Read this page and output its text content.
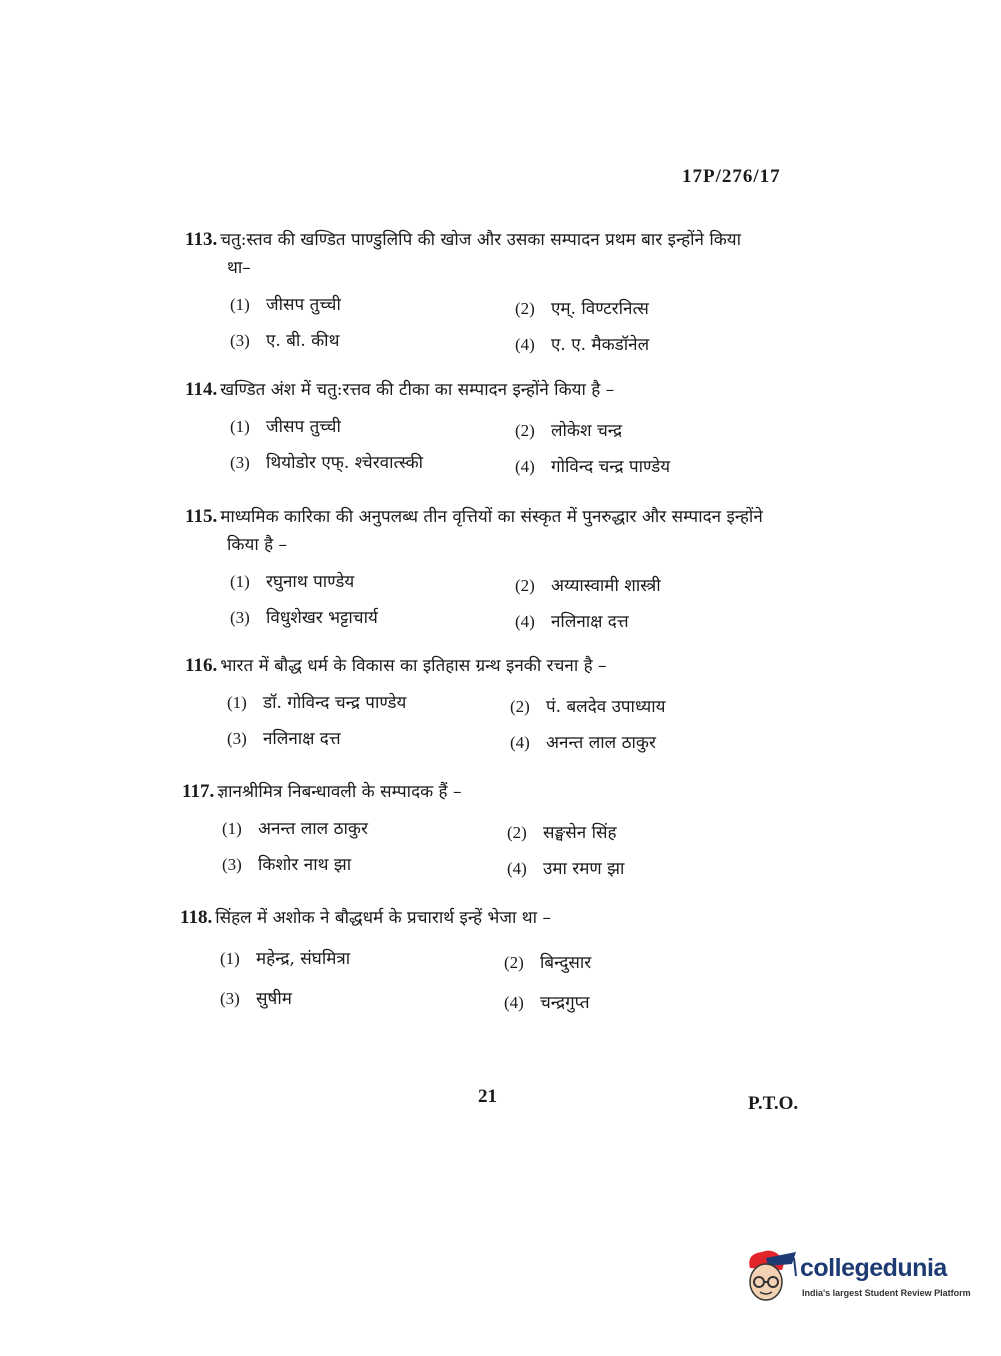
17P/276/17
113. चतु:स्तव की खण्डित पाण्डुलिपि की खोज और उसका सम्पादन प्रथम बार इन्होंने किया
था–
(1) जीसप तुच्ची	(2) एम्. विण्टरनित्स
(3) ए. बी. कीथ	(4) ए. ए. मैकडॉनेल
114. खण्डित अंश में चतु:रत्तव की टीका का सम्पादन इन्होंने किया है –
(1) जीसप तुच्ची	(2) लोकेश चन्द्र
(3) थियोडोर एफ्. श्चेरवात्स्की	(4) गोविन्द चन्द्र पाण्डेय
115. माध्यमिक कारिका की अनुपलब्ध तीन वृत्तियों का संस्कृत में पुनरुद्धार और सम्पादन इन्होंने
किया है –
(1) रघुनाथ पाण्डेय	(2) अय्यास्वामी शास्त्री
(3) विधुशेखर भट्टाचार्य	(4) नलिनाक्ष दत्त
116. भारत में बौद्ध धर्म के विकास का इतिहास ग्रन्थ इनकी रचना है –
(1) डॉ. गोविन्द चन्द्र पाण्डेय	(2) पं. बलदेव उपाध्याय
(3) नलिनाक्ष दत्त	(4) अनन्त लाल ठाकुर
117. ज्ञानश्रीमित्र निबन्धावली के सम्पादक हैं –
(1) अनन्त लाल ठाकुर	(2) सङ्घसेन सिंह
(3) किशोर नाथ झा	(4) उमा रमण झा
118. सिंहल में अशोक ने बौद्धधर्म के प्रचारार्थ इन्हें भेजा था –
(1) महेन्द्र, संघमित्रा	(2) बिन्दुसार
(3) सुषीम	(4) चन्द्रगुप्त
21	P.T.O.
collegedunia
India's largest Student Review Platform
